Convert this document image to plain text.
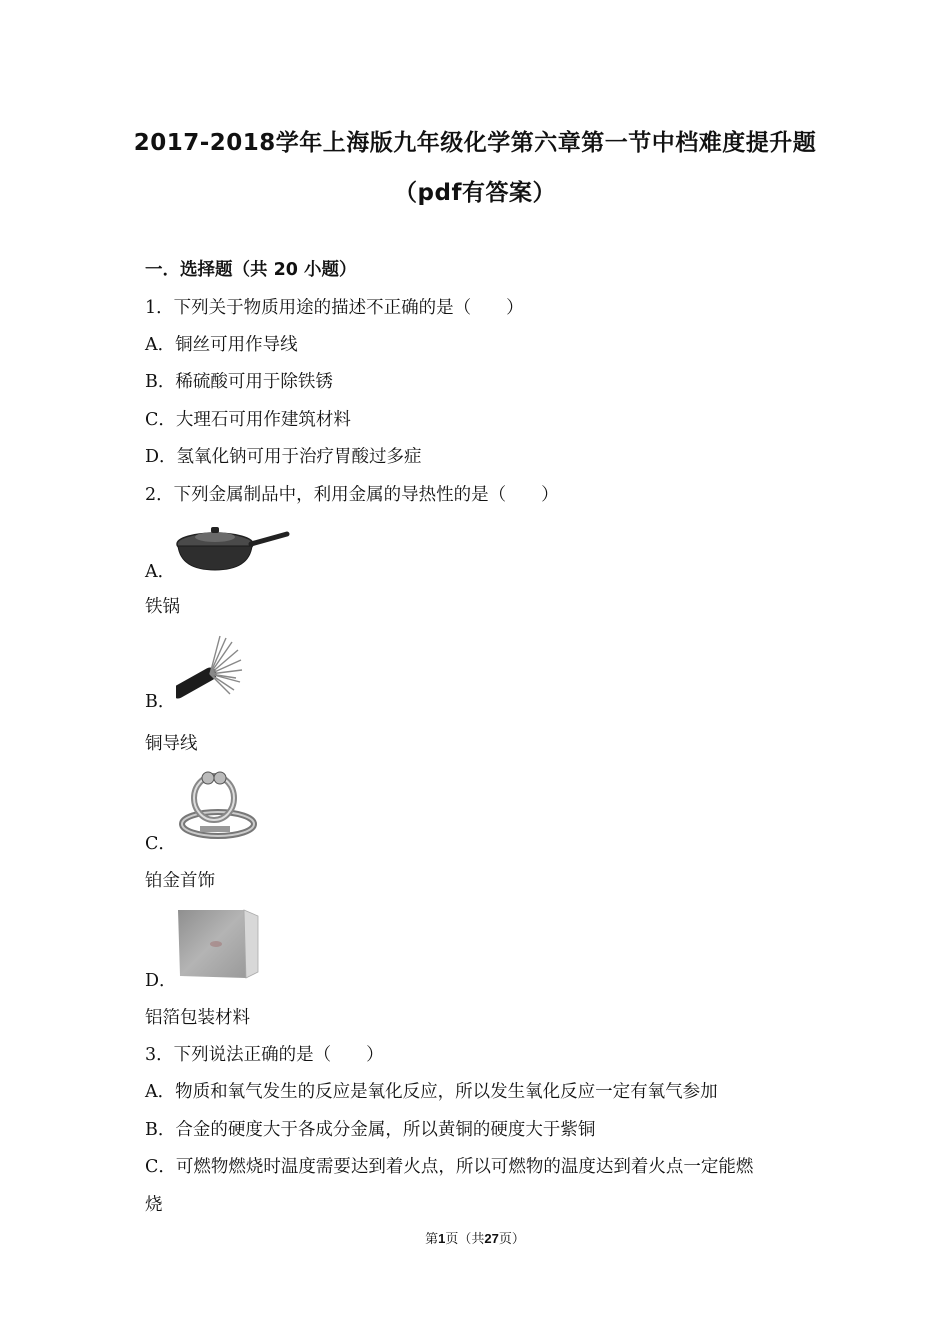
2017-2018学年上海版九年级化学第六章第一节中档难度提升题
（pdf有答案）
一．选择题（共 20 小题）
1．下列关于物质用途的描述不正确的是（　　）
A．铜丝可用作导线
B．稀硫酸可用于除铁锈
C．大理石可用作建筑材料
D．氢氧化钠可用于治疗胃酸过多症
2．下列金属制品中，利用金属的导热性的是（　　）
A．
铁锅
B．
铜导线
C．
铂金首饰
D．
铝箔包装材料
3．下列说法正确的是（　　）
A．物质和氧气发生的反应是氧化反应，所以发生氧化反应一定有氧气参加
B．合金的硬度大于各成分金属，所以黄铜的硬度大于紫铜
C．可燃物燃烧时温度需要达到着火点，所以可燃物的温度达到着火点一定能燃
烧
第1页（共27页）
